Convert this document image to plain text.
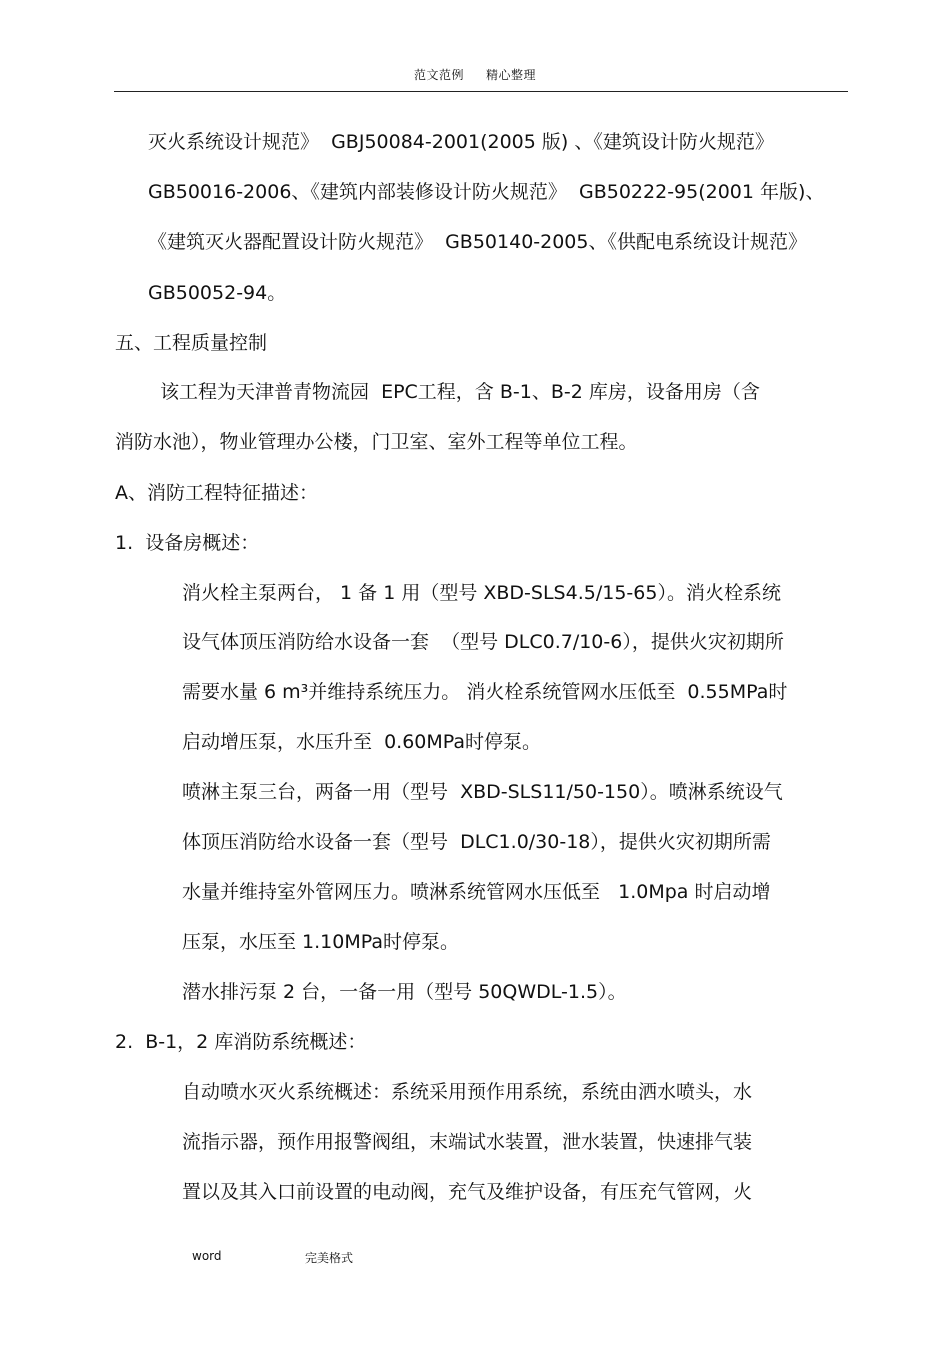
范文范例 精心整理
灭火系统设计规范》  GBJ50084-2001(2005 版) 、《建筑设计防火规范》
GB50016-2006、《建筑内部装修设计防火规范》  GB50222-95(2001 年版)、
《建筑灭火器配置设计防火规范》  GB50140-2005、《供配电系统设计规范》
GB50052-94。
五、工程质量控制
该工程为天津普青物流园  EPC工程，含 B-1、B-2 库房，设备用房（含
消防水池），物业管理办公楼，门卫室、室外工程等单位工程。
A、消防工程特征描述：
1.  设备房概述：
消火栓主泵两台， 1 备 1 用（型号 XBD-SLS4.5/15-65）。消火栓系统
设气体顶压消防给水设备一套  （型号 DLC0.7/10-6），提供火灾初期所
需要水量 6 m³并维持系统压力。 消火栓系统管网水压低至  0.55MPa时
启动增压泵，水压升至  0.60MPa时停泵。
喷淋主泵三台，两备一用（型号  XBD-SLS11/50-150）。喷淋系统设气
体顶压消防给水设备一套（型号  DLC1.0/30-18），提供火灾初期所需
水量并维持室外管网压力。喷淋系统管网水压低至   1.0Mpa 时启动增
压泵，水压至 1.10MPa时停泵。
潜水排污泵 2 台，一备一用（型号 50QWDL-1.5）。
2.  B-1，2 库消防系统概述：
自动喷水灭火系统概述：系统采用预作用系统，系统由洒水喷头，水
流指示器，预作用报警阀组，末端试水装置，泄水装置，快速排气装
置以及其入口前设置的电动阀，充气及维护设备，有压充气管网，火
word	完美格式
